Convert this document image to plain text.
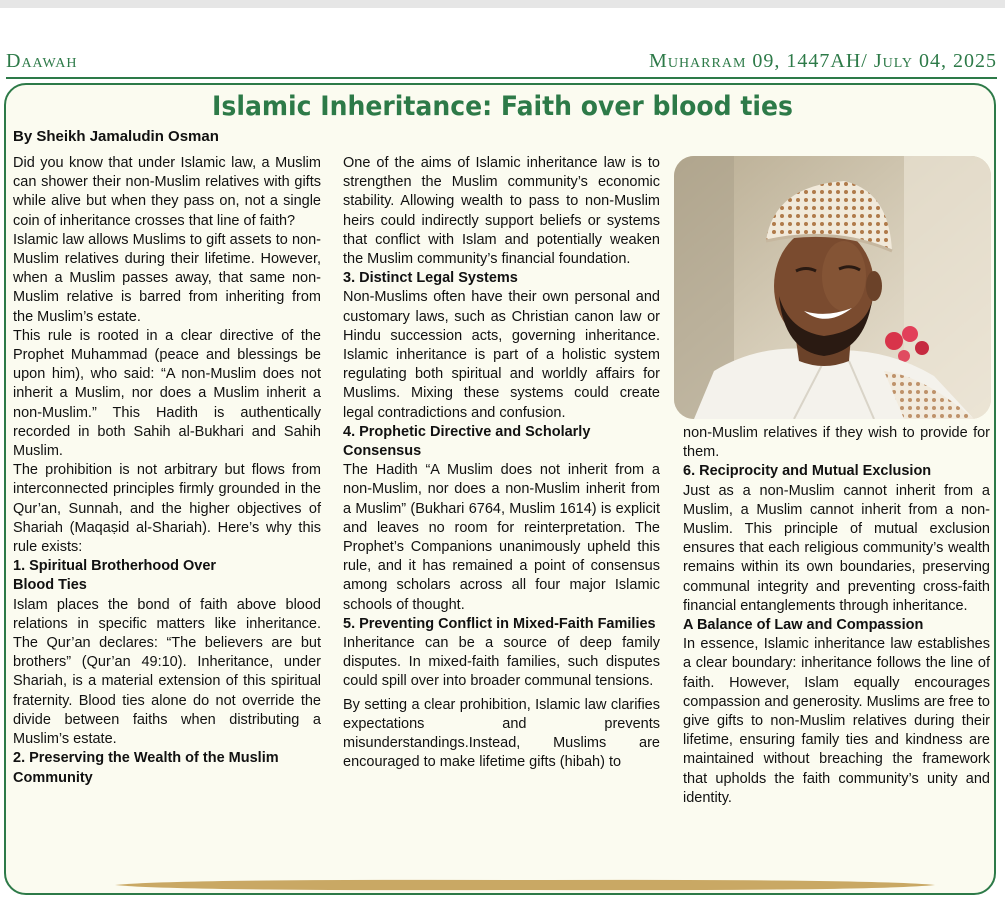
Daawah	Muharram 09, 1447AH/ July 04, 2025
Islamic Inheritance: Faith over blood ties
By Sheikh Jamaludin Osman

Did you know that under Islamic law, a Muslim can shower their non-Muslim relatives with gifts while alive but when they pass on, not a single coin of inheritance crosses that line of faith?

Islamic law allows Muslims to gift assets to non-Muslim relatives during their lifetime. However, when a Muslim passes away, that same non-Muslim relative is barred from inheriting from the Muslim’s estate.

This rule is rooted in a clear directive of the Prophet Muhammad (peace and blessings be upon him), who said: “A non-Muslim does not inherit a Muslim, nor does a Muslim inherit a non-Muslim.” This Hadith is authentically recorded in both Sahih al-Bukhari and Sahih Muslim.

The prohibition is not arbitrary but flows from interconnected principles firmly grounded in the Qur’an, Sunnah, and the higher objectives of Shariah (Maqaṣid al-Shariah). Here’s why this rule exists:

1. Spiritual Brotherhood Over Blood Ties

Islam places the bond of faith above blood relations in specific matters like inheritance. The Qur’an declares: “The believers are but brothers” (Qur’an 49:10). Inheritance, under Shariah, is a material extension of this spiritual fraternity. Blood ties alone do not override the divide between faiths when distributing a Muslim’s estate.

2. Preserving the Wealth of the Muslim Community

One of the aims of Islamic inheritance law is to strengthen the Muslim community’s economic stability. Allowing wealth to pass to non-Muslim heirs could indirectly support beliefs or systems that conflict with Islam and potentially weaken the Muslim community’s financial foundation.

3. Distinct Legal Systems

Non-Muslims often have their own personal and customary laws, such as Christian canon law or Hindu succession acts, governing inheritance. Islamic inheritance is part of a holistic system regulating both spiritual and worldly affairs for Muslims. Mixing these systems could create legal contradictions and confusion.

4. Prophetic Directive and Scholarly Consensus

The Hadith “A Muslim does not inherit from a non-Muslim, nor does a non-Muslim inherit from a Muslim” (Bukhari 6764, Muslim 1614) is explicit and leaves no room for reinterpretation. The Prophet’s Companions unanimously upheld this rule, and it has remained a point of consensus among scholars across all four major Islamic schools of thought.

5. Preventing Conflict in Mixed-Faith Families

Inheritance can be a source of deep family disputes. In mixed-faith families, such disputes could spill over into broader communal tensions.

By setting a clear prohibition, Islamic law clarifies expectations and prevents misunderstandings.Instead, Muslims are encouraged to make lifetime gifts (hibah) to

non-Muslim relatives if they wish to provide for them.

6. Reciprocity and Mutual Exclusion

Just as a non-Muslim cannot inherit from a Muslim, a Muslim cannot inherit from a non-Muslim. This principle of mutual exclusion ensures that each religious community’s wealth remains within its own boundaries, preserving communal integrity and preventing cross-faith financial entanglements through inheritance.

A Balance of Law and Compassion

In essence, Islamic inheritance law establishes a clear boundary: inheritance follows the line of faith. However, Islam equally encourages compassion and generosity. Muslims are free to give gifts to non-Muslim relatives during their lifetime, ensuring family ties and kindness are maintained without breaching the framework that upholds the faith community’s unity and identity.
